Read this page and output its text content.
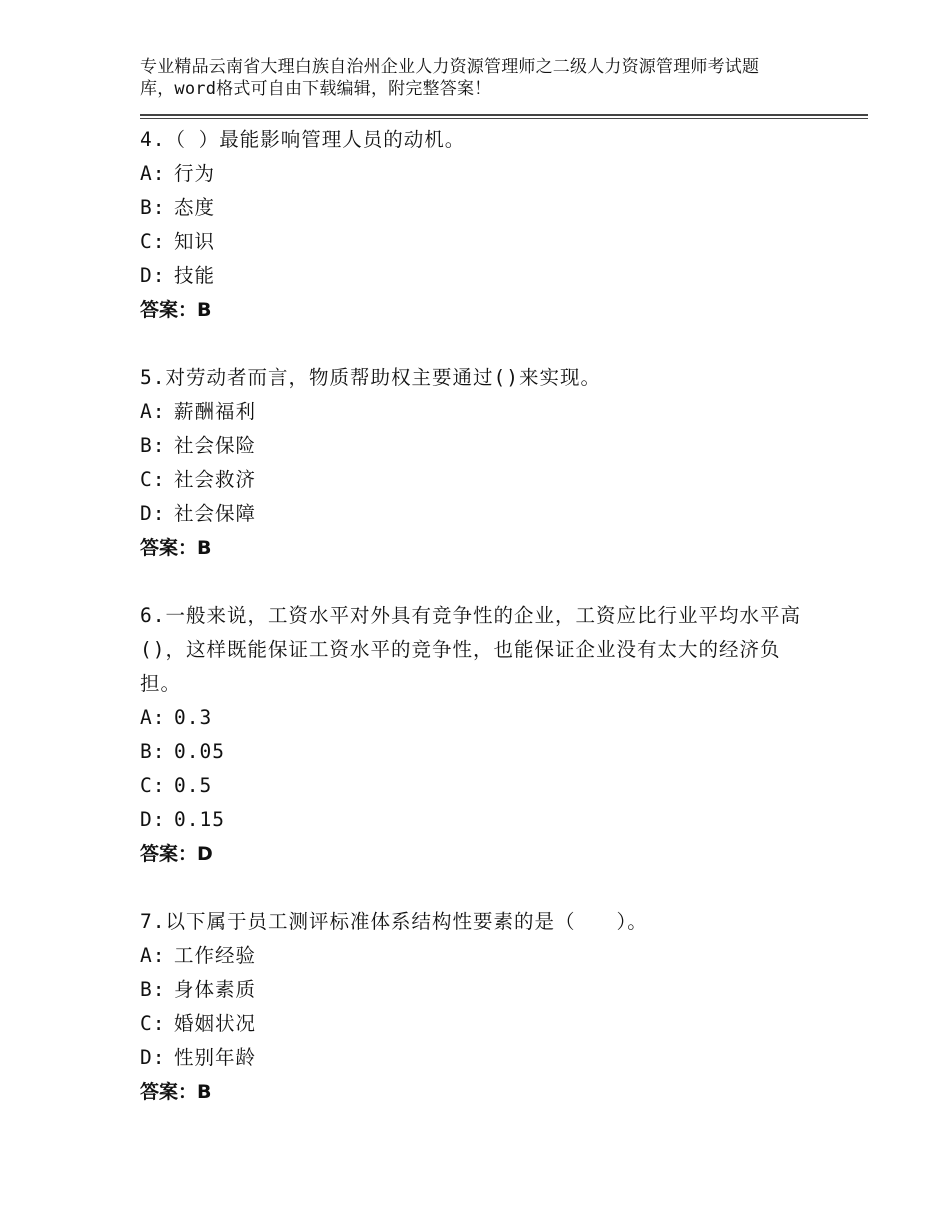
专业精品云南省大理白族自治州企业人力资源管理师之二级人力资源管理师考试题
库，word格式可自由下载编辑，附完整答案！

4.（ ）最能影响管理人员的动机。

A: 行为
B: 态度
C: 知识
D: 技能

答案：B

5.对劳动者而言，物质帮助权主要通过()来实现。

A: 薪酬福利
B: 社会保险
C: 社会救济
D: 社会保障

答案：B

6.一般来说，工资水平对外具有竞争性的企业，工资应比行业平均水平高()，这样既能保证工资水平的竞争性，也能保证企业没有太大的经济负担。

A: 0.3
B: 0.05
C: 0.5
D: 0.15

答案：D

7.以下属于员工测评标准体系结构性要素的是（　　）。

A: 工作经验
B: 身体素质
C: 婚姻状况
D: 性别年龄

答案：B
